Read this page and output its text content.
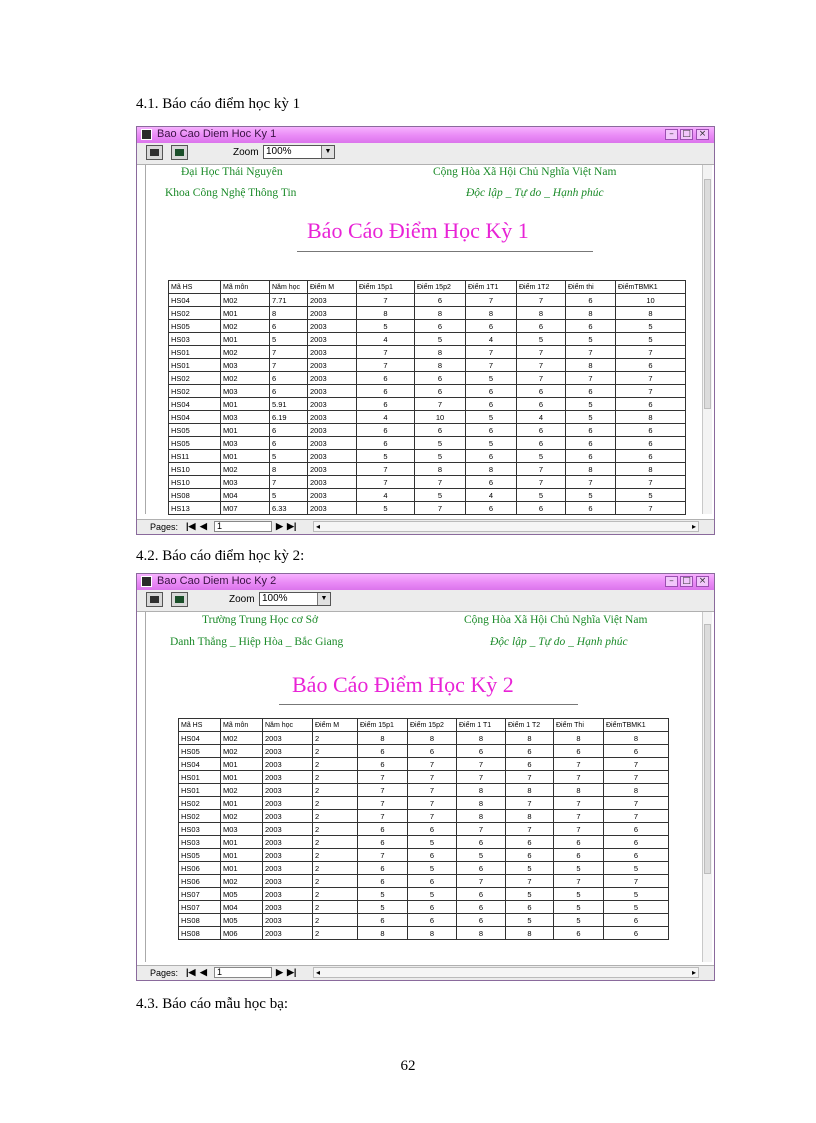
4.1. Báo cáo điểm học kỳ 1
Bao Cao Diem Hoc Ky 1	– □ ×
Zoom 100%	▼
Đại Học Thái Nguyên
Khoa Công Nghệ Thông Tin
Cộng Hòa Xã Hội Chủ Nghĩa Việt Nam
Độc lập _ Tự do _ Hạnh phúc
Báo Cáo Điểm Học Kỳ 1
Mã HS	Mã môn	Năm học	Điểm M	Điểm 15p1	Điểm 15p2	Điểm 1T1	Điểm 1T2	Điểm thi	ĐiểmTBMK1
HS04	M02	7.71	2003	7	6	7	7	6	10
HS02	M01	8	2003	8	8	8	8	8	8
HS05	M02	6	2003	5	6	6	6	6	5
HS03	M01	5	2003	4	5	4	5	5	5
HS01	M02	7	2003	7	8	7	7	7	7
HS01	M03	7	2003	7	8	7	7	8	6
HS02	M02	6	2003	6	6	5	7	7	7
HS02	M03	6	2003	6	6	6	6	6	7
HS04	M01	5.91	2003	6	7	6	6	5	6
HS04	M03	6.19	2003	4	10	5	4	5	8
HS05	M01	6	2003	6	6	6	6	6	6
HS05	M03	6	2003	6	5	5	6	6	6
HS11	M01	5	2003	5	5	6	5	6	6
HS10	M02	8	2003	7	8	8	7	8	8
HS10	M03	7	2003	7	7	6	7	7	7
HS08	M04	5	2003	4	5	4	5	5	5
HS13	M07	6.33	2003	5	7	6	6	6	7
Pages: |◀ ◀	1	▶ ▶| ◂	▸
4.2. Báo cáo điểm học kỳ 2:
Bao Cao Diem Hoc Ky 2	– □ ×
Zoom 100%	▼
Trường Trung Học cơ Sở
Danh Thắng _ Hiệp Hòa _ Bắc Giang
Cộng Hòa Xã Hội Chủ Nghĩa Việt Nam
Độc lập _ Tự do _ Hạnh phúc
Báo Cáo Điểm Học Kỳ 2
Mã HS	Mã môn	Năm học	Điểm M	Điểm 15p1	Điểm 15p2	Điểm 1 T1	Điểm 1 T2	Điểm Thi	ĐiểmTBMK1
HS04	M02	2003	2	8	8	8	8	8	8
HS05	M02	2003	2	6	6	6	6	6	6
HS04	M01	2003	2	6	7	7	6	7	7
HS01	M01	2003	2	7	7	7	7	7	7
HS01	M02	2003	2	7	7	8	8	8	8
HS02	M01	2003	2	7	7	8	7	7	7
HS02	M02	2003	2	7	7	8	8	7	7
HS03	M03	2003	2	6	6	7	7	7	6
HS03	M01	2003	2	6	5	6	6	6	6
HS05	M01	2003	2	7	6	5	6	6	6
HS06	M01	2003	2	6	5	6	5	5	5
HS06	M02	2003	2	6	6	7	7	7	7
HS07	M05	2003	2	5	5	6	5	5	5
HS07	M04	2003	2	5	6	6	6	5	5
HS08	M05	2003	2	6	6	6	5	5	6
HS08	M06	2003	2	8	8	8	8	6	6
Pages: |◀ ◀	1	▶ ▶| ◂	▸
4.3. Báo cáo mẫu học bạ:
62
